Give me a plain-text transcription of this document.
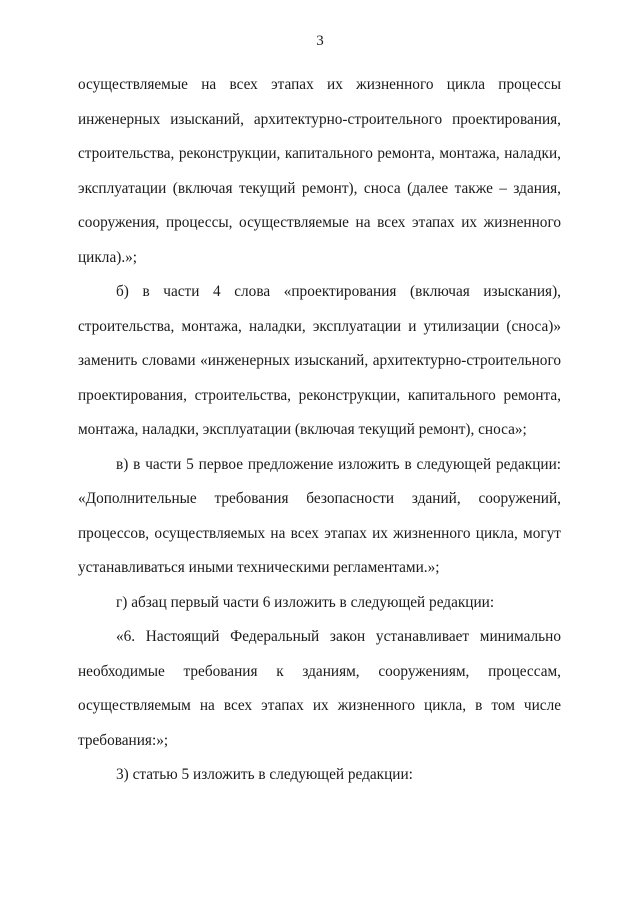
3

осуществляемые на всех этапах их жизненного цикла процессы инженерных изысканий, архитектурно-строительного проектирования, строительства, реконструкции, капитального ремонта, монтажа, наладки, эксплуатации (включая текущий ремонт), сноса (далее также – здания, сооружения, процессы, осуществляемые на всех этапах их жизненного цикла).»;

б) в части 4 слова «проектирования (включая изыскания), строительства, монтажа, наладки, эксплуатации и утилизации (сноса)» заменить словами «инженерных изысканий, архитектурно-строительного проектирования, строительства, реконструкции, капитального ремонта, монтажа, наладки, эксплуатации (включая текущий ремонт), сноса»;

в) в части 5 первое предложение изложить в следующей редакции: «Дополнительные требования безопасности зданий, сооружений, процессов, осуществляемых на всех этапах их жизненного цикла, могут устанавливаться иными техническими регламентами.»;

г) абзац первый части 6 изложить в следующей редакции:

«6. Настоящий Федеральный закон устанавливает минимально необходимые требования к зданиям, сооружениям, процессам, осуществляемым на всех этапах их жизненного цикла, в том числе требования:»;

3) статью 5 изложить в следующей редакции:
